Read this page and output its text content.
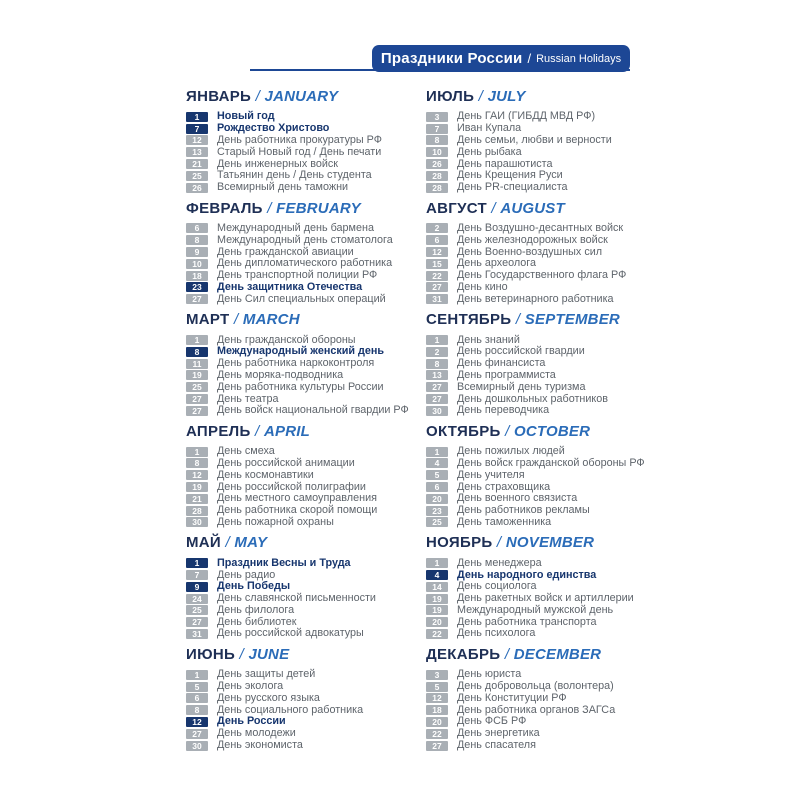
Праздники России / Russian Holidays
ЯНВАРЬ / JANUARY
1	Новый год
7	Рождество Христово
12	День работника прокуратуры РФ
13	Старый Новый год / День печати
21	День инженерных войск
25	Татьянин день / День студента
26	Всемирный день таможни
ФЕВРАЛЬ / FEBRUARY
6	Международный день бармена
8	Международный день стоматолога
9	День гражданской авиации
10	День дипломатического работника
18	День транспортной полиции РФ
23	День защитника Отечества
27	День Сил специальных операций
МАРТ / MARCH
1	День гражданской обороны
8	Международный женский день
11	День работника наркоконтроля
19	День моряка-подводника
25	День работника культуры России
27	День театра
27	День войск национальной гвардии РФ
АПРЕЛЬ / APRIL
1	День смеха
8	День российской анимации
12	День космонавтики
19	День российской полиграфии
21	День местного самоуправления
28	День работника скорой помощи
30	День пожарной охраны
МАЙ / MAY
1	Праздник Весны и Труда
7	День радио
9	День Победы
24	День славянской письменности
25	День филолога
27	День библиотек
31	День российской адвокатуры
ИЮНЬ / JUNE
1	День защиты детей
5	День эколога
6	День русского языка
8	День социального работника
12	День России
27	День молодежи
30	День экономиста
ИЮЛЬ / JULY
3	День ГАИ (ГИБДД МВД РФ)
7	Иван Купала
8	День семьи, любви и верности
10	День рыбака
26	День парашютиста
28	День Крещения Руси
28	День PR-специалиста
АВГУСТ / AUGUST
2	День Воздушно-десантных войск
6	День железнодорожных войск
12	День Военно-воздушных сил
15	День археолога
22	День Государственного флага РФ
27	День кино
31	День ветеринарного работника
СЕНТЯБРЬ / SEPTEMBER
1	День знаний
2	День российской гвардии
8	День финансиста
13	День программиста
27	Всемирный день туризма
27	День дошкольных работников
30	День переводчика
ОКТЯБРЬ / OCTOBER
1	День пожилых людей
4	День войск гражданской обороны РФ
5	День учителя
6	День страховщика
20	День военного связиста
23	День работников рекламы
25	День таможенника
НОЯБРЬ / NOVEMBER
1	День менеджера
4	День народного единства
14	День социолога
19	День ракетных войск и артиллерии
19	Международный мужской день
20	День работника транспорта
22	День психолога
ДЕКАБРЬ / DECEMBER
3	День юриста
5	День добровольца (волонтера)
12	День Конституции РФ
18	День работника органов ЗАГСа
20	День ФСБ РФ
22	День энергетика
27	День спасателя
